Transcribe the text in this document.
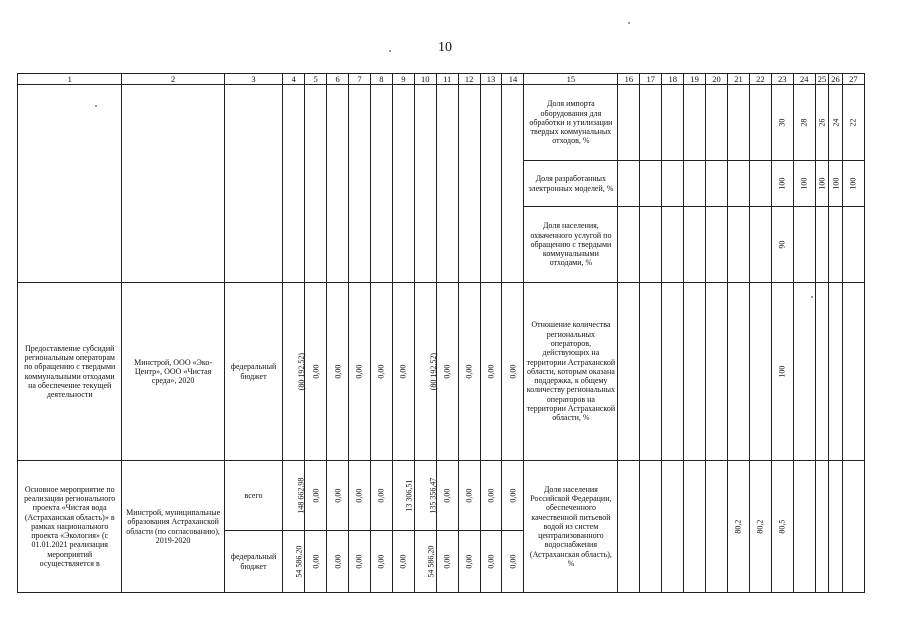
10
1	2	3	4	5	6	7	8	9	10	11	12	13	14	15	16	17	18	19	20	21	22	23	24	25	26	27
														Доля импорта оборудования для обработки и утилизации твердых коммунальных отходов, %								30	28	26	24	22
														Доля разработанных электронных моделей, %								100	100	100	100	100
														Доля населения, охваченного услугой по обращению с твердыми коммунальными отходами, %								90				
Предоставление субсидий региональным операторам по обращению с твердыми коммунальными отходами на обеспечение текущей деятельности	Минстрой, ООО «Эко-Центр», ООО «Чистая среда», 2020	федеральный бюджет	(80 192,52)	0,00	0,00	0,00	0,00	0,00	(80 192,52)	0,00	0,00	0,00	0,00	Отношение количества региональных операторов, действующих на территории Астраханской области, которым оказана поддержка, к общему количеству региональных операторов на территории Астраханской области, %								100				
Основное мероприятие по реализации регионального проекта «Чистая вода (Астраханская область)» в рамках национального проекта «Экология» (с 01.01.2021 реализация мероприятий осуществляется в	Минстрой, муниципальные образования Астраханской области (по согласованию), 2019-2020	всего	148 662,98	0,00	0,00	0,00	0,00	13 306,51	135 356,47	0,00	0,00	0,00	0,00	Доля населения Российской Федерации, обеспеченного качественной питьевой водой из систем централизованного водоснабжения (Астраханская область), %						80,2	80,2	80,5				
		федеральный бюджет	54 586,20	0,00	0,00	0,00	0,00	0,00	54 586,20	0,00	0,00	0,00	0,00													
